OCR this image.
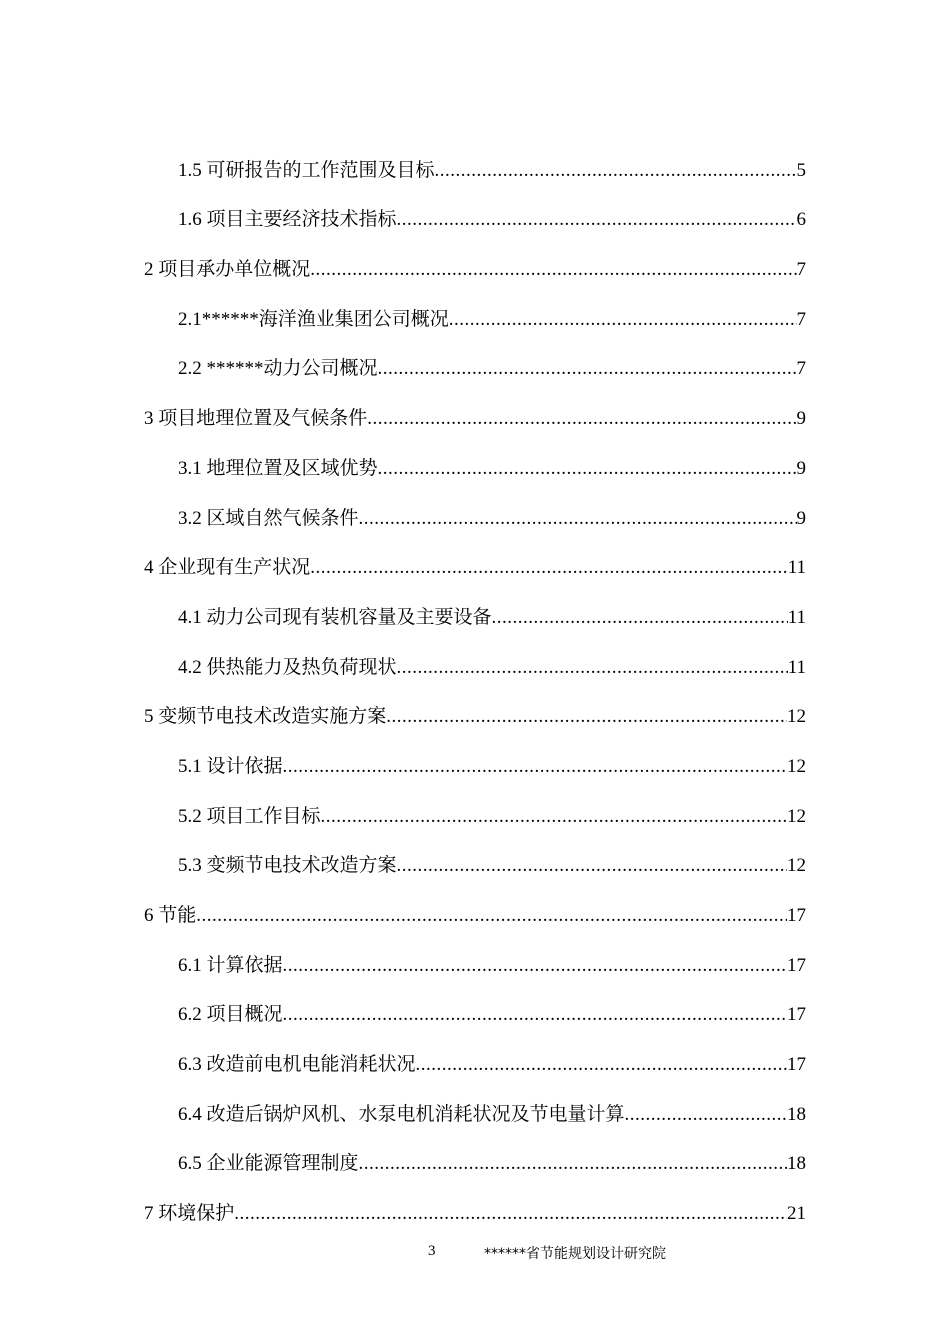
1.5 可研报告的工作范围及目标 .....	5
1.6 项目主要经济技术指标 .....	6
2 项目承办单位概况 .....	7
2.1******海洋渔业集团公司概况 .....	7
2.2 ******动力公司概况 .....	7
3 项目地理位置及气候条件 .....	9
3.1 地理位置及区域优势 .....	9
3.2 区域自然气候条件 .....	9
4 企业现有生产状况 .....	11
4.1 动力公司现有装机容量及主要设备 .....	11
4.2 供热能力及热负荷现状 .....	11
5 变频节电技术改造实施方案 .....	12
5.1 设计依据 .....	12
5.2 项目工作目标 .....	12
5.3 变频节电技术改造方案 .....	12
6 节能 .....	17
6.1 计算依据 .....	17
6.2 项目概况 .....	17
6.3 改造前电机电能消耗状况 .....	17
6.4 改造后锅炉风机、水泵电机消耗状况及节电量计算 .....	18
6.5 企业能源管理制度 .....	18
7 环境保护 .....	21
3	******省节能规划设计研究院
